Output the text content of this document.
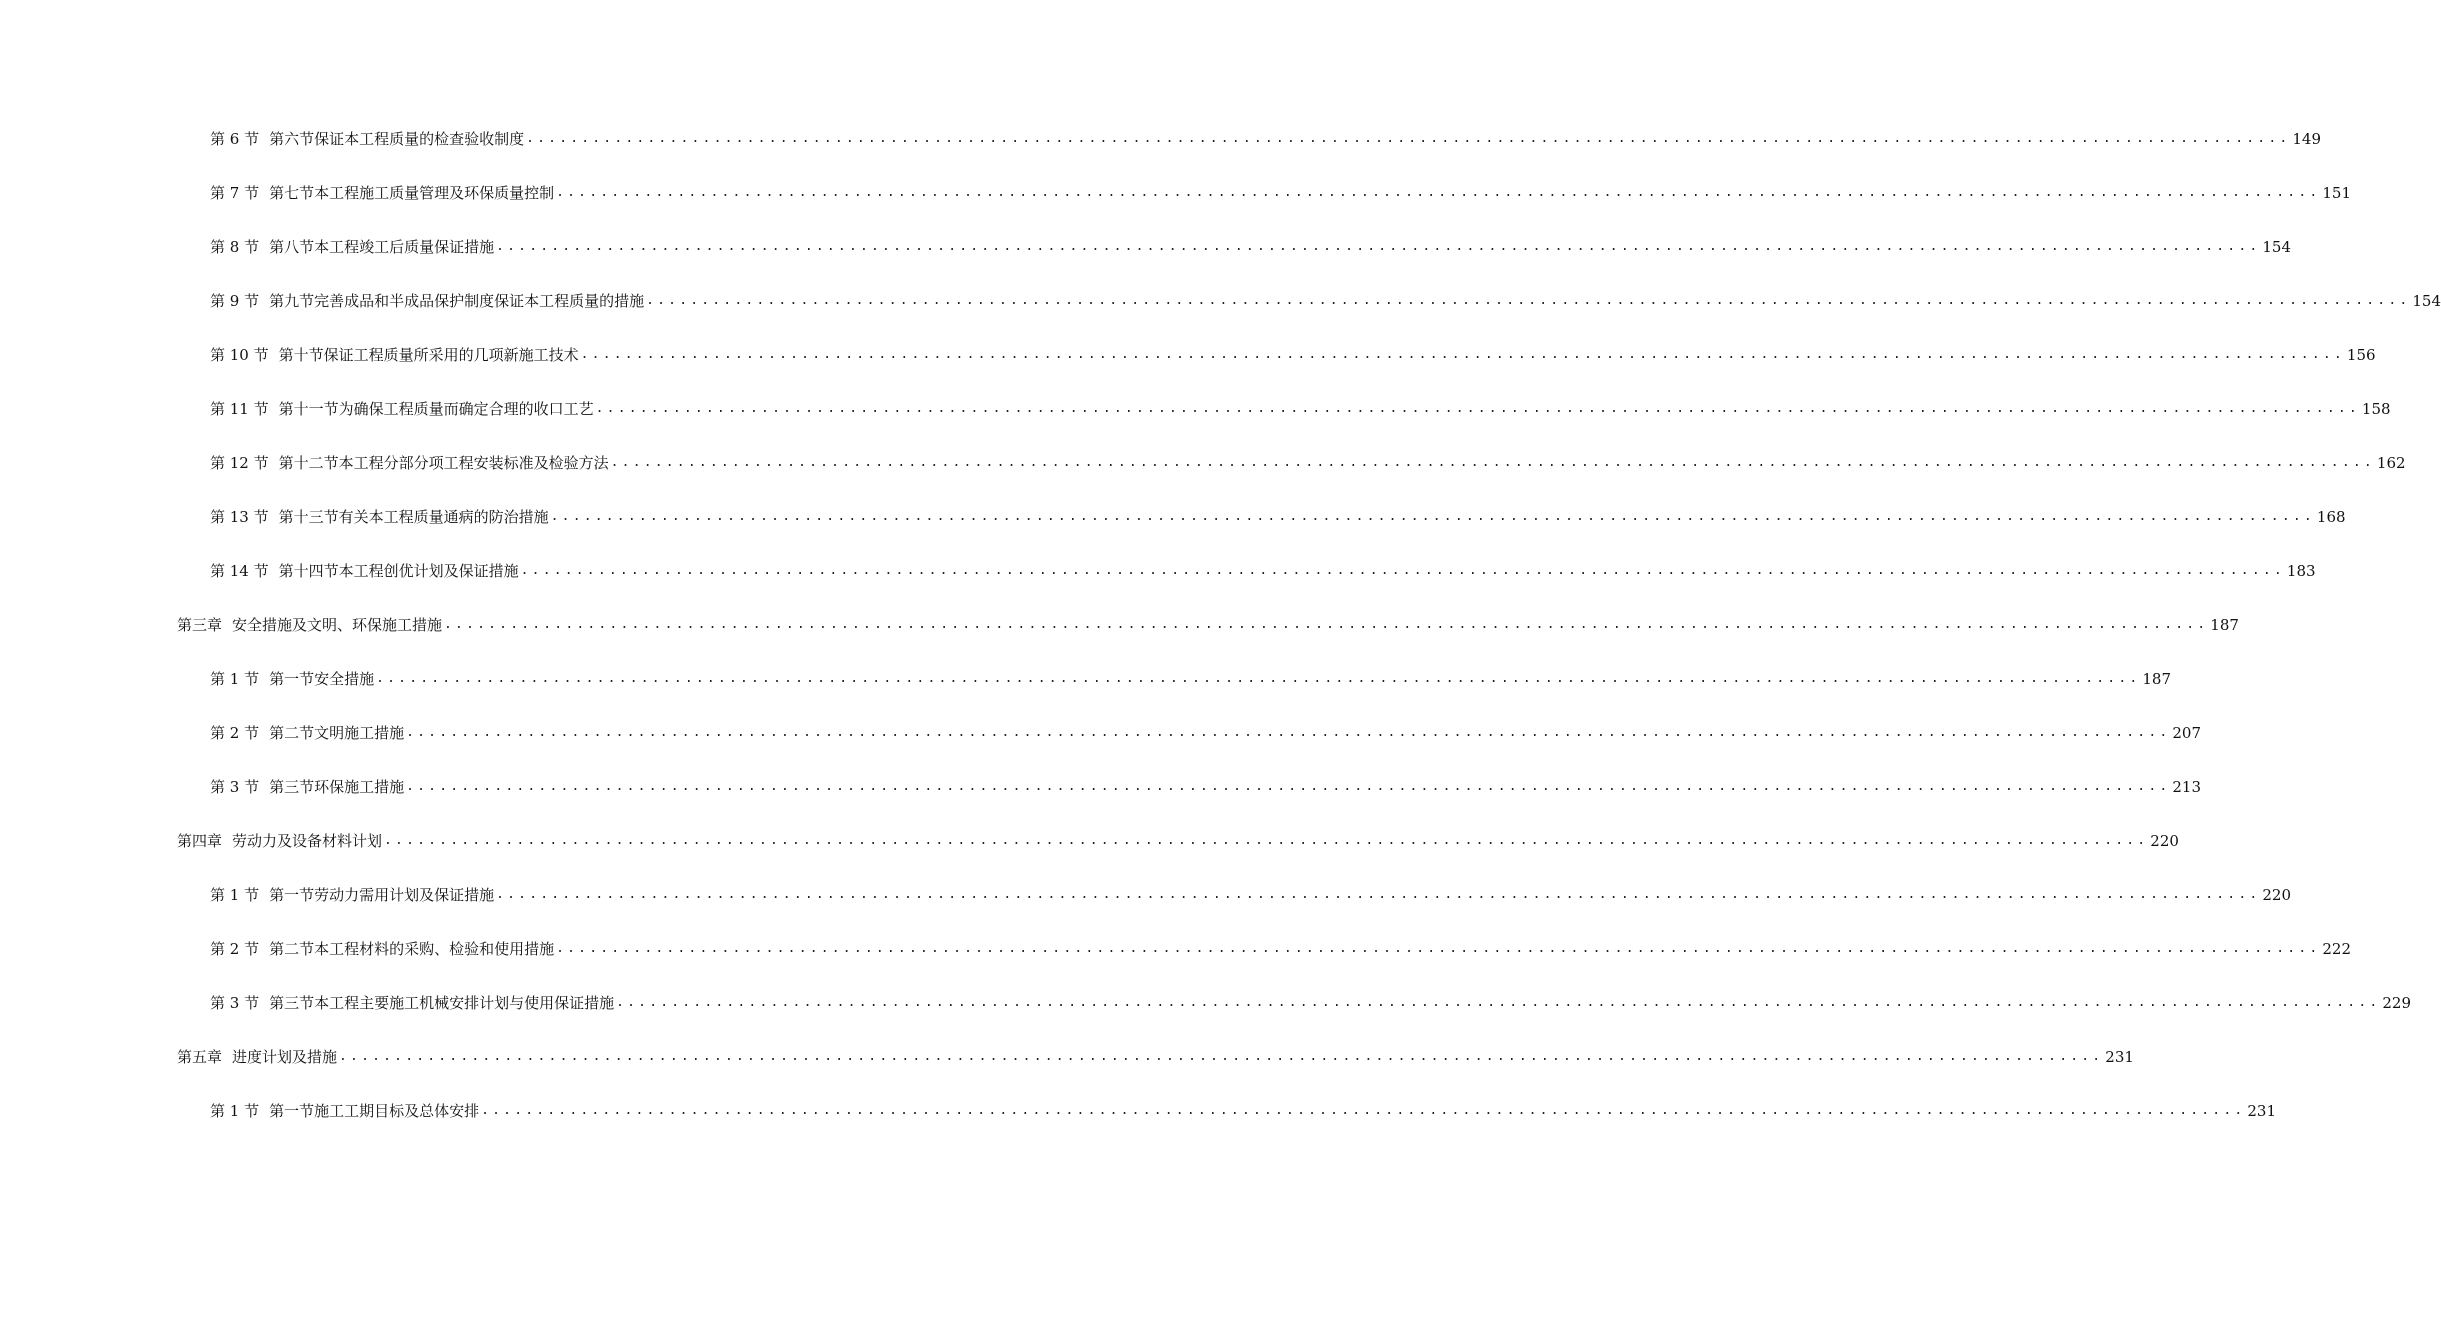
第 6 节 第六节保证本工程质量的检查验收制度 ................................................................................................................................................................ 149
第 7 节 第七节本工程施工质量管理及环保质量控制 ................................................................................................................................................................ 151
第 8 节 第八节本工程竣工后质量保证措施 ................................................................................................................................................................ 154
第 9 节 第九节完善成品和半成品保护制度保证本工程质量的措施 ................................................................................................................................................................ 154
第 10 节 第十节保证工程质量所采用的几项新施工技术 ................................................................................................................................................................ 156
第 11 节 第十一节为确保工程质量而确定合理的收口工艺 ................................................................................................................................................................ 158
第 12 节 第十二节本工程分部分项工程安装标准及检验方法 ................................................................................................................................................................ 162
第 13 节 第十三节有关本工程质量通病的防治措施 ................................................................................................................................................................ 168
第 14 节 第十四节本工程创优计划及保证措施 ................................................................................................................................................................ 183
第三章 安全措施及文明、环保施工措施 ................................................................................................................................................................ 187
第 1 节 第一节安全措施 ................................................................................................................................................................ 187
第 2 节 第二节文明施工措施 ................................................................................................................................................................ 207
第 3 节 第三节环保施工措施 ................................................................................................................................................................ 213
第四章 劳动力及设备材料计划 ................................................................................................................................................................ 220
第 1 节 第一节劳动力需用计划及保证措施 ................................................................................................................................................................ 220
第 2 节 第二节本工程材料的采购、检验和使用措施 ................................................................................................................................................................ 222
第 3 节 第三节本工程主要施工机械安排计划与使用保证措施 ................................................................................................................................................................ 229
第五章 进度计划及措施 ................................................................................................................................................................ 231
第 1 节 第一节施工工期目标及总体安排 ................................................................................................................................................................ 231
